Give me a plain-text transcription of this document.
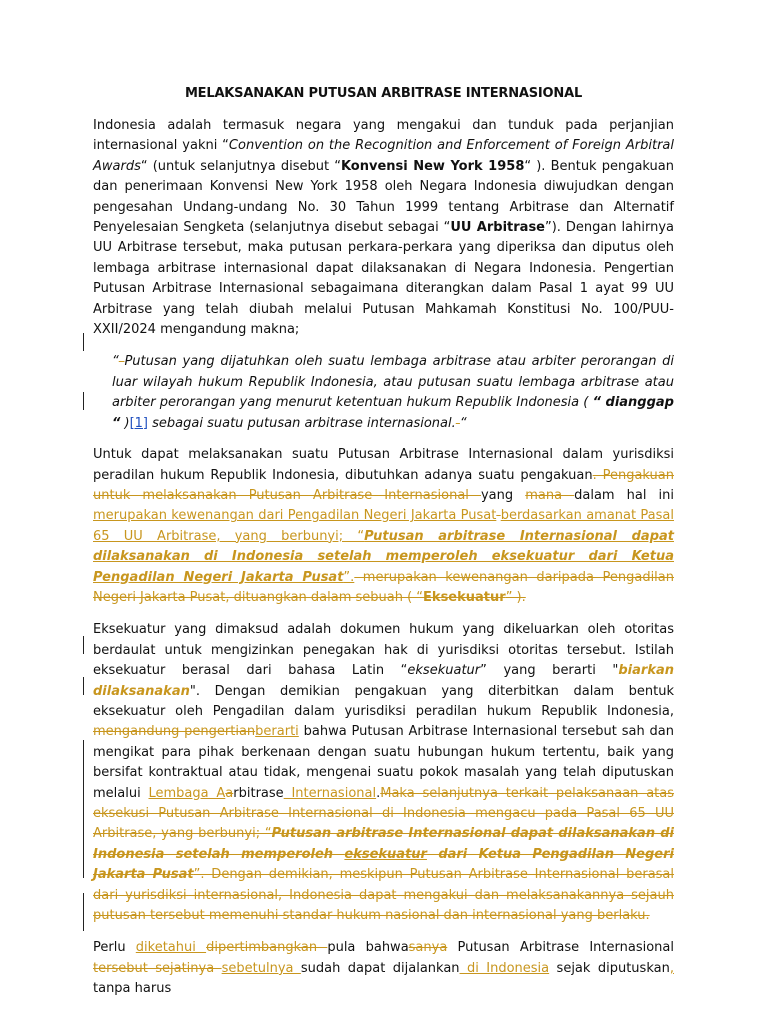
MELAKSANAKAN PUTUSAN ARBITRASE INTERNASIONAL

Indonesia adalah termasuk negara yang mengakui dan tunduk pada perjanjian internasional yakni “Convention on the Recognition and Enforcement of Foreign Arbitral Awards“ (untuk selanjutnya disebut “Konvensi New York 1958“ ). Bentuk pengakuan dan penerimaan Konvensi New York 1958 oleh Negara Indonesia diwujudkan dengan pengesahan Undang-undang No. 30 Tahun 1999 tentang Arbitrase dan Alternatif Penyelesaian Sengketa (selanjutnya disebut sebagai “UU Arbitrase”). Dengan lahirnya UU Arbitrase tersebut, maka putusan perkara-perkara yang diperiksa dan diputus oleh lembaga arbitrase internasional dapat dilaksanakan di Negara Indonesia. Pengertian Putusan Arbitrase Internasional sebagaimana diterangkan dalam Pasal 1 ayat 99 UU Arbitrase yang telah diubah melalui Putusan Mahkamah Konstitusi No. 100/PUU-XXII/2024 mengandung makna;

“ Putusan yang dijatuhkan oleh suatu lembaga arbitrase atau arbiter perorangan di luar wilayah hukum Republik Indonesia, atau putusan suatu lembaga arbitrase atau arbiter perorangan yang menurut ketentuan hukum Republik Indonesia ( “ dianggap “ )[1] sebagai suatu putusan arbitrase internasional. “

Untuk dapat melaksanakan suatu Putusan Arbitrase Internasional dalam yurisdiksi peradilan hukum Republik Indonesia, dibutuhkan adanya suatu pengakuan. Pengakuan untuk melaksanakan Putusan Arbitrase Internasional yang mana dalam hal ini merupakan kewenangan dari Pengadilan Negeri Jakarta Pusat berdasarkan amanat Pasal 65 UU Arbitrase, yang berbunyi; “Putusan arbitrase Internasional dapat dilaksanakan di Indonesia setelah memperoleh eksekuatur dari Ketua Pengadilan Negeri Jakarta Pusat”. merupakan kewenangan daripada Pengadilan Negeri Jakarta Pusat, dituangkan dalam sebuah ( “Eksekuatur” ).

Eksekuatur yang dimaksud adalah dokumen hukum yang dikeluarkan oleh otoritas berdaulat untuk mengizinkan penegakan hak di yurisdiksi otoritas tersebut. Istilah eksekuatur berasal dari bahasa Latin “eksekuatur” yang berarti "biarkan dilaksanakan". Dengan demikian pengakuan yang diterbitkan dalam bentuk eksekuatur oleh Pengadilan dalam yurisdiksi peradilan hukum Republik Indonesia, mengandung pengertianberarti bahwa Putusan Arbitrase Internasional tersebut sah dan mengikat para pihak berkenaan dengan suatu hubungan hukum tertentu, baik yang bersifat kontraktual atau tidak, mengenai suatu pokok masalah yang telah diputuskan melalui Lembaga Aarbitrase Internasional.Maka selanjutnya terkait pelaksanaan atas eksekusi Putusan Arbitrase Internasional di Indonesia mengacu pada Pasal 65 UU Arbitrase, yang berbunyi; “Putusan arbitrase Internasional dapat dilaksanakan di Indonesia setelah memperoleh eksekuatur dari Ketua Pengadilan Negeri Jakarta Pusat”. Dengan demikian, meskipun Putusan Arbitrase Internasional berasal dari yurisdiksi internasional, Indonesia dapat mengakui dan melaksanakannya sejauh putusan tersebut memenuhi standar hukum nasional dan internasional yang berlaku.

Perlu diketahui dipertimbangkan pula bahwasanya Putusan Arbitrase Internasional tersebut sejatinya sebetulnya sudah dapat dijalankan di Indonesia sejak diputuskan, tanpa harus
